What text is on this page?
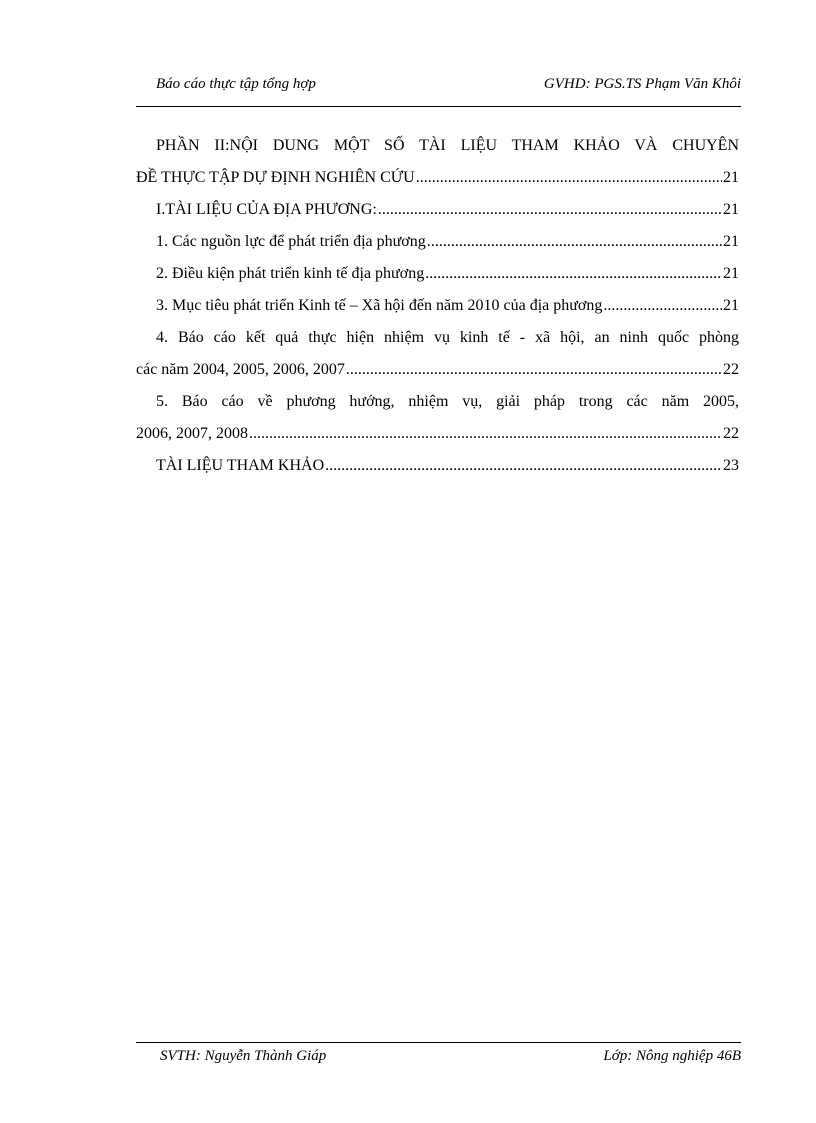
Báo cáo thực tập tổng hợp	GVHD: PGS.TS Phạm Văn Khôi
PHẦN II:NỘI DUNG MỘT SỐ TÀI LIỆU THAM KHẢO VÀ CHUYÊN
ĐỀ THỰC TẬP DỰ ĐỊNH NGHIÊN CỨU .....	21
I.TÀI LIỆU CỦA ĐỊA PHƯƠNG: .....	21
1. Các nguồn lực để phát triển địa phương .....	21
2. Điều kiện phát triển kinh tế địa phương .....	21
3. Mục tiêu phát triển Kinh tế – Xã hội đến năm 2010 của địa phương .....	21
4. Báo cáo kết quả thực hiện nhiệm vụ kinh tế - xã hội, an ninh quốc phòng
các năm 2004, 2005, 2006, 2007 .....	22
5. Báo cáo về phương hướng, nhiệm vụ, giải pháp trong các năm 2005,
2006, 2007, 2008 .....	22
TÀI LIỆU THAM KHẢO .....	23
SVTH: Nguyễn Thành Giáp	Lớp: Nông nghiệp 46B
